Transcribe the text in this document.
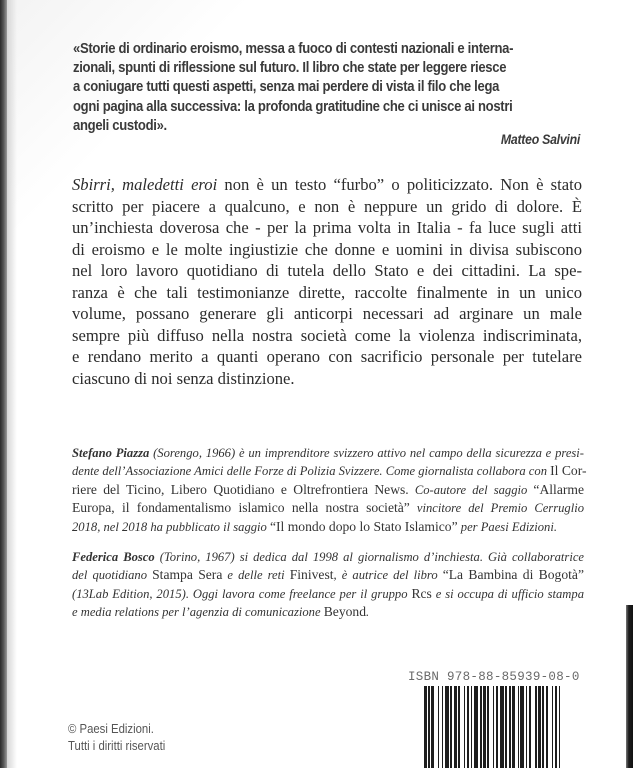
«Storie di ordinario eroismo, messa a fuoco di contesti nazionali e interna-
zionali, spunti di riflessione sul futuro. Il libro che state per leggere riesce
a coniugare tutti questi aspetti, senza mai perdere di vista il filo che lega
ogni pagina alla successiva: la profonda gratitudine che ci unisce ai nostri
angeli custodi».
Matteo Salvini
Sbirri, maledetti eroi non è un testo “furbo” o politicizzato. Non è stato
scritto per piacere a qualcuno, e non è neppure un grido di dolore. È
un’inchiesta doverosa che - per la prima volta in Italia - fa luce sugli atti
di eroismo e le molte ingiustizie che donne e uomini in divisa subiscono
nel loro lavoro quotidiano di tutela dello Stato e dei cittadini. La spe-
ranza è che tali testimonianze dirette, raccolte finalmente in un unico
volume, possano generare gli anticorpi necessari ad arginare un male
sempre più diffuso nella nostra società come la violenza indiscriminata,
e rendano merito a quanti operano con sacrificio personale per tutelare
ciascuno di noi senza distinzione.
Stefano Piazza (Sorengo, 1966) è un imprenditore svizzero attivo nel campo della sicurezza e presi-
dente dell’Associazione Amici delle Forze di Polizia Svizzere. Come giornalista collabora con Il Cor-
riere del Ticino, Libero Quotidiano e Oltrefrontiera News. Co-autore del saggio “Allarme
Europa, il fondamentalismo islamico nella nostra società” vincitore del Premio Cerruglio
2018, nel 2018 ha pubblicato il saggio “Il mondo dopo lo Stato Islamico” per Paesi Edizioni.
Federica Bosco (Torino, 1967) si dedica dal 1998 al giornalismo d’inchiesta. Già collaboratrice
del quotidiano Stampa Sera e delle reti Finivest, è autrice del libro “La Bambina di Bogotà”
(13Lab Edition, 2015). Oggi lavora come freelance per il gruppo Rcs e si occupa di ufficio stampa
e media relations per l’agenzia di comunicazione Beyond.
ISBN 978-88-85939-08-0
© Paesi Edizioni.
Tutti i diritti riservati
